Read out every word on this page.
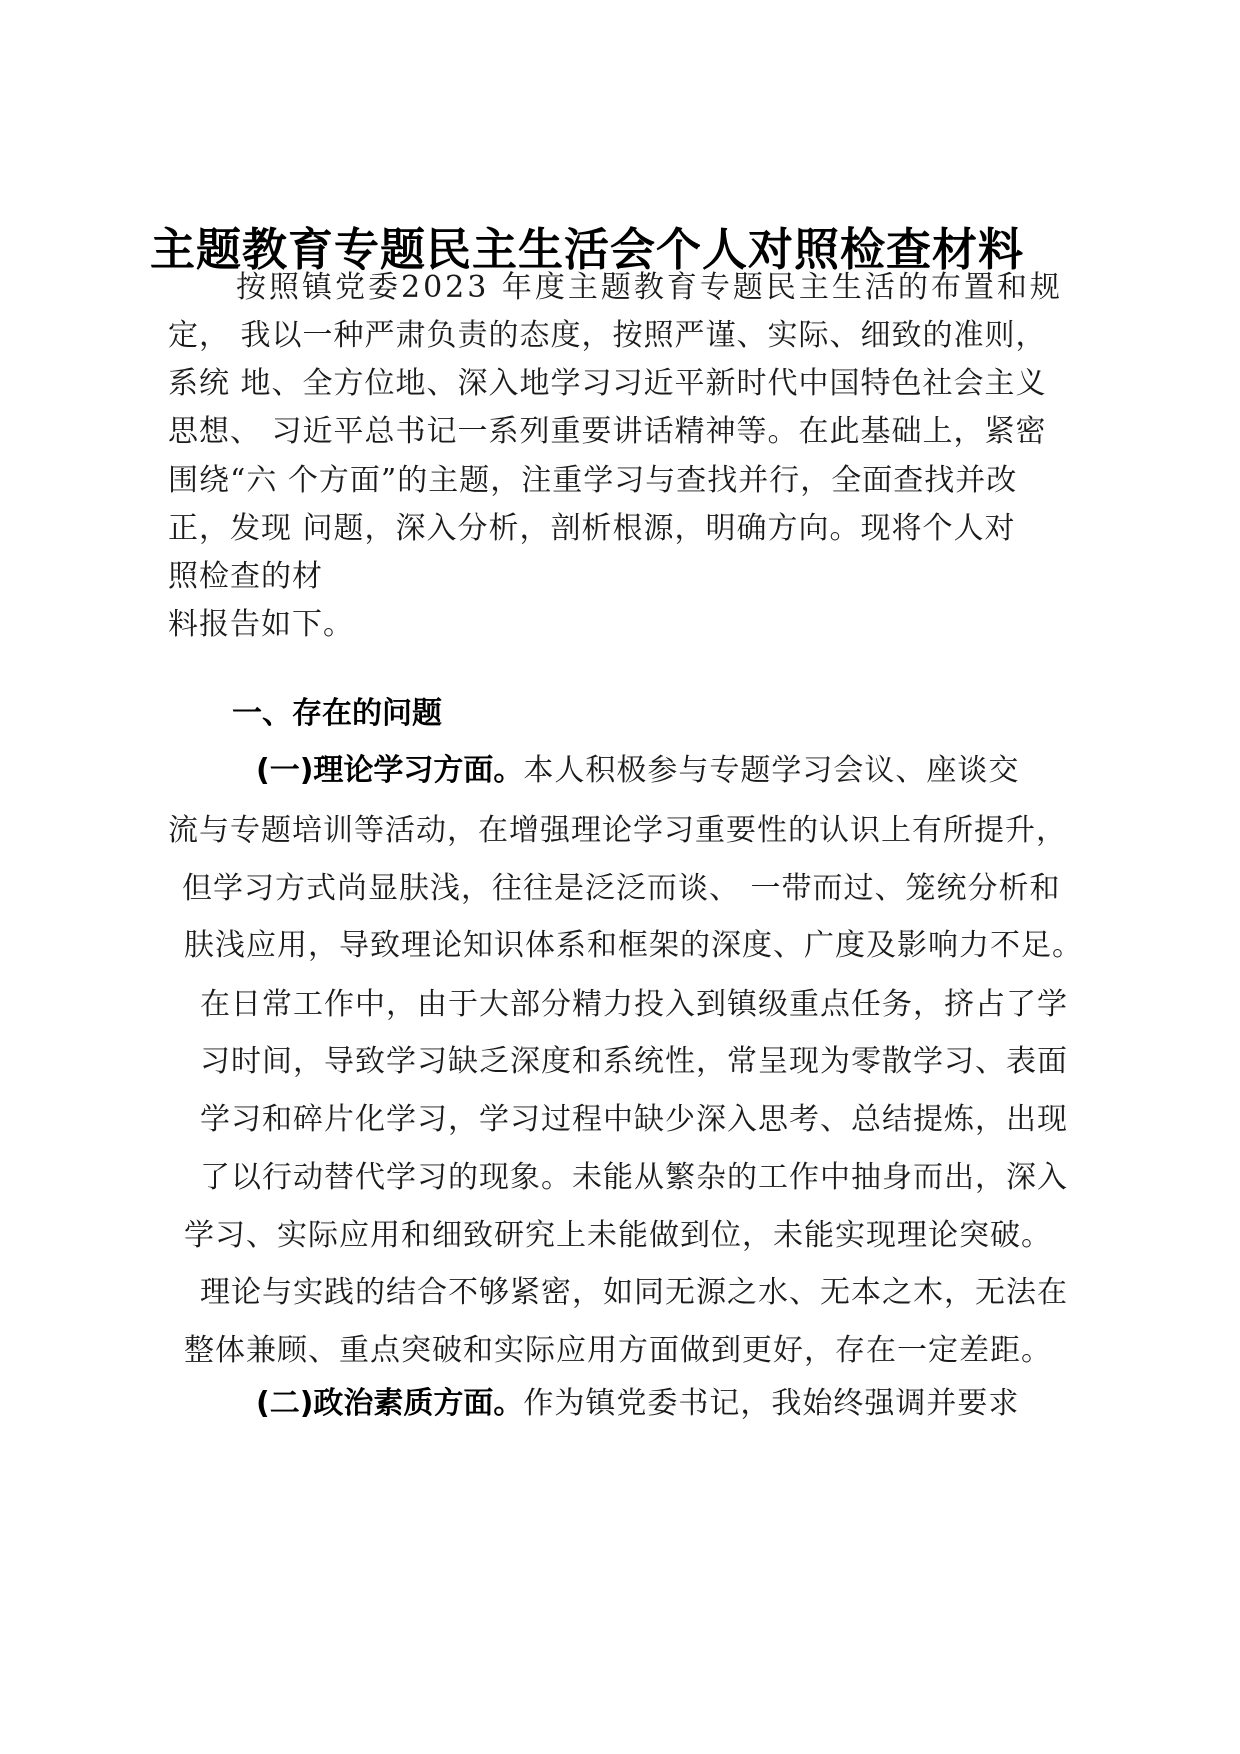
主题教育专题民主生活会个人对照检查材料
按照镇党委2023 年度主题教育专题民主生活的布置和规
定， 我以一种严肃负责的态度，按照严谨、实际、细致的准则，
系统 地、全方位地、深入地学习习近平新时代中国特色社会主义
思想、 习近平总书记一系列重要讲话精神等。在此基础上，紧密
围绕“六 个方面”的主题，注重学习与查找并行，全面查找并改
正，发现 问题，深入分析，剖析根源，明确方向。现将个人对
照检查的材
料报告如下。
一、存在的问题
(一)理论学习方面。本人积极参与专题学习会议、座谈交
流与专题培训等活动，在增强理论学习重要性的认识上有所提升，
但学习方式尚显肤浅，往往是泛泛而谈、 一带而过、笼统分析和
肤浅应用，导致理论知识体系和框架的深度、广度及影响力不足。
在日常工作中，由于大部分精力投入到镇级重点任务，挤占了学
习时间，导致学习缺乏深度和系统性，常呈现为零散学习、表面
学习和碎片化学习，学习过程中缺少深入思考、总结提炼，出现
了以行动替代学习的现象。未能从繁杂的工作中抽身而出，深入
学习、实际应用和细致研究上未能做到位，未能实现理论突破。
理论与实践的结合不够紧密，如同无源之水、无本之木，无法在
整体兼顾、重点突破和实际应用方面做到更好，存在一定差距。
(二)政治素质方面。作为镇党委书记，我始终强调并要求
